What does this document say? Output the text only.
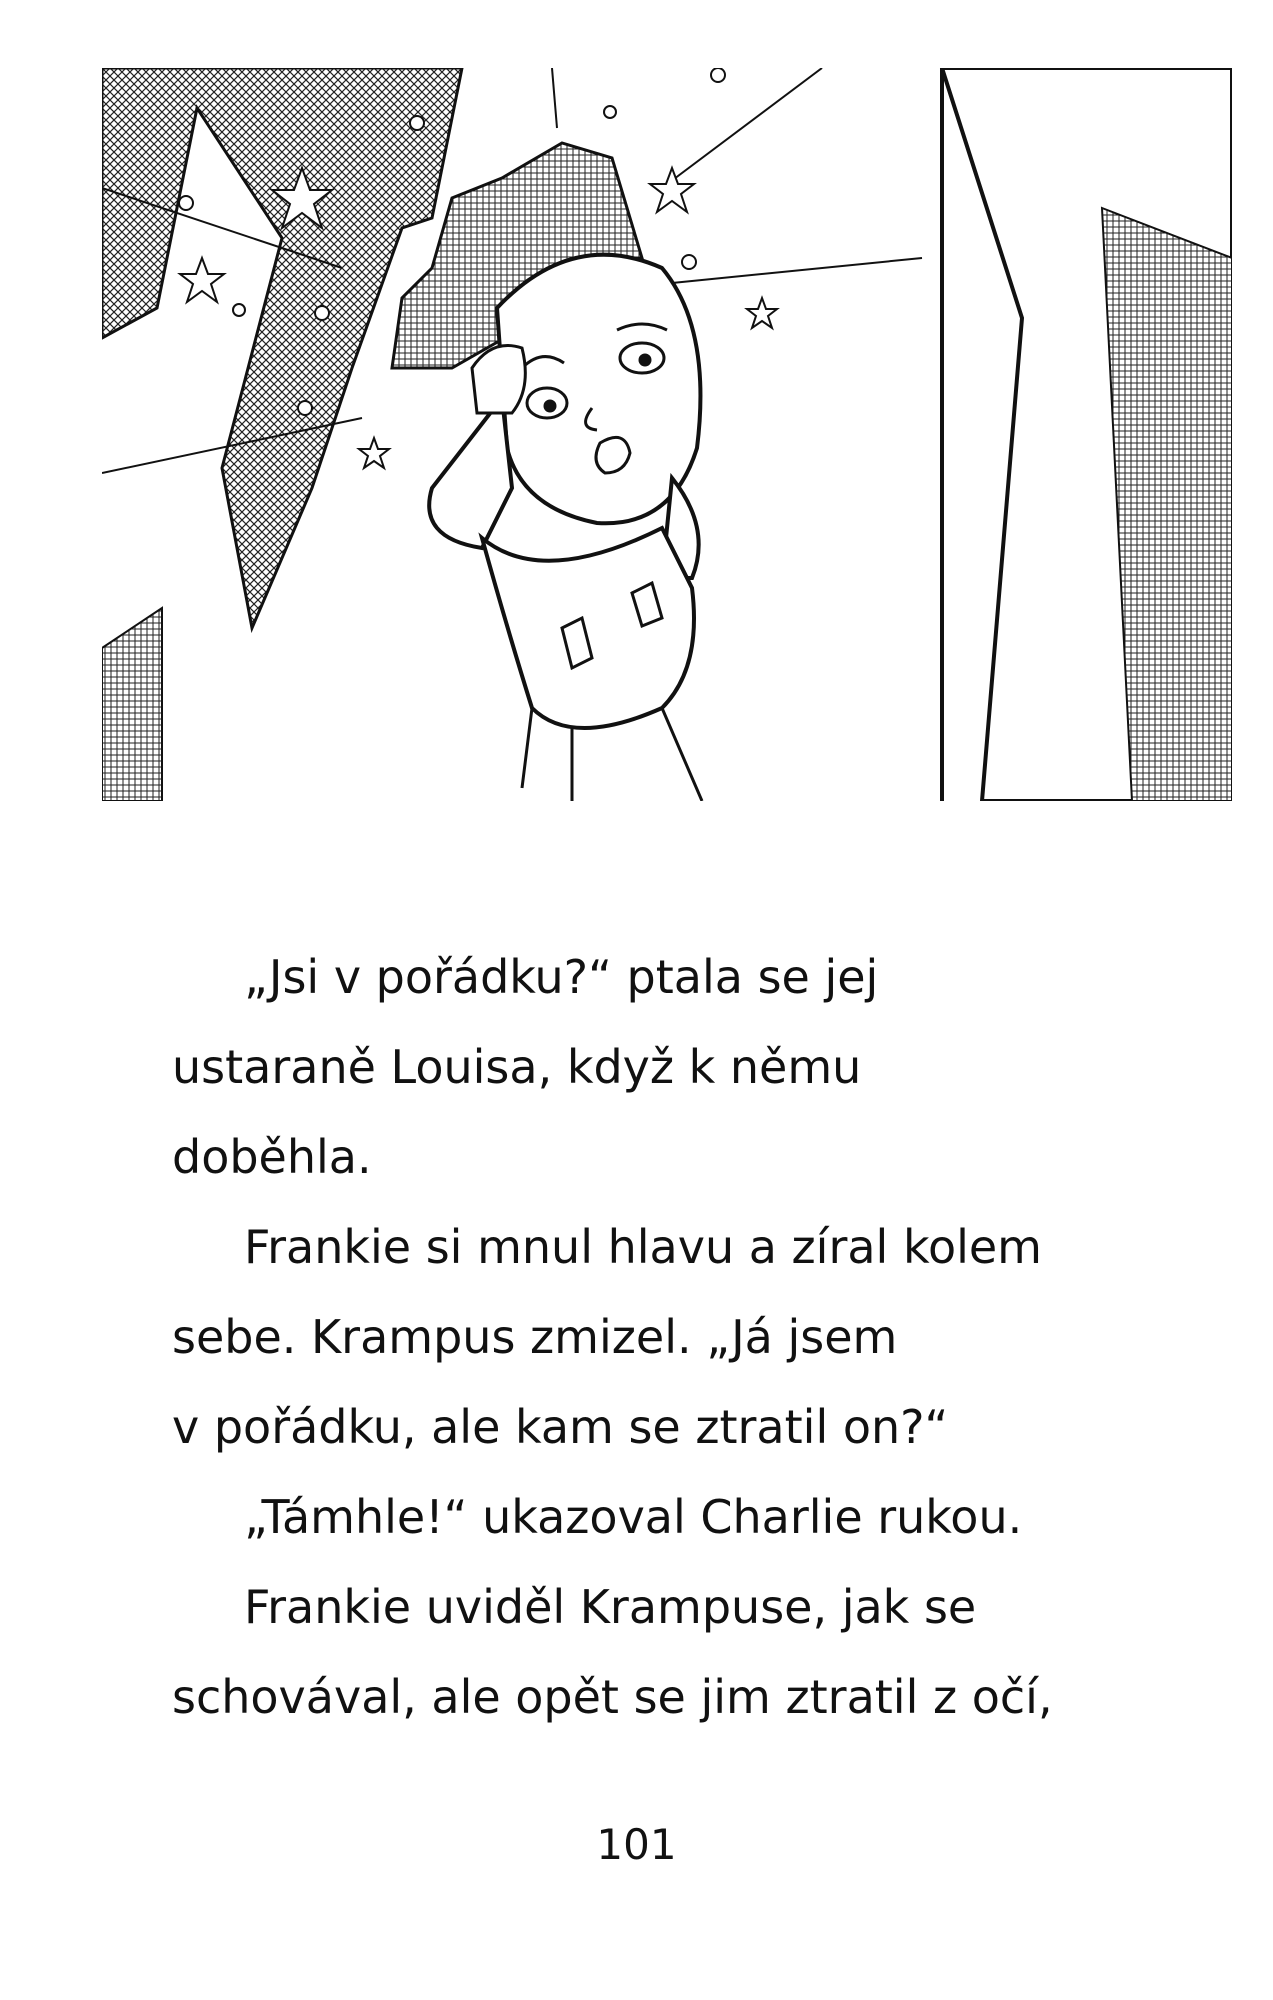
„Jsi v pořádku?“ ptala se jej

ustaraně Louisa, když k němu

doběhla.

Frankie si mnul hlavu a zíral kolem

sebe. Krampus zmizel. „Já jsem

v pořádku, ale kam se ztratil on?“

„Támhle!“ ukazoval Charlie rukou.

Frankie uviděl Krampuse, jak se

schovával, ale opět se jim ztratil z očí,

101
